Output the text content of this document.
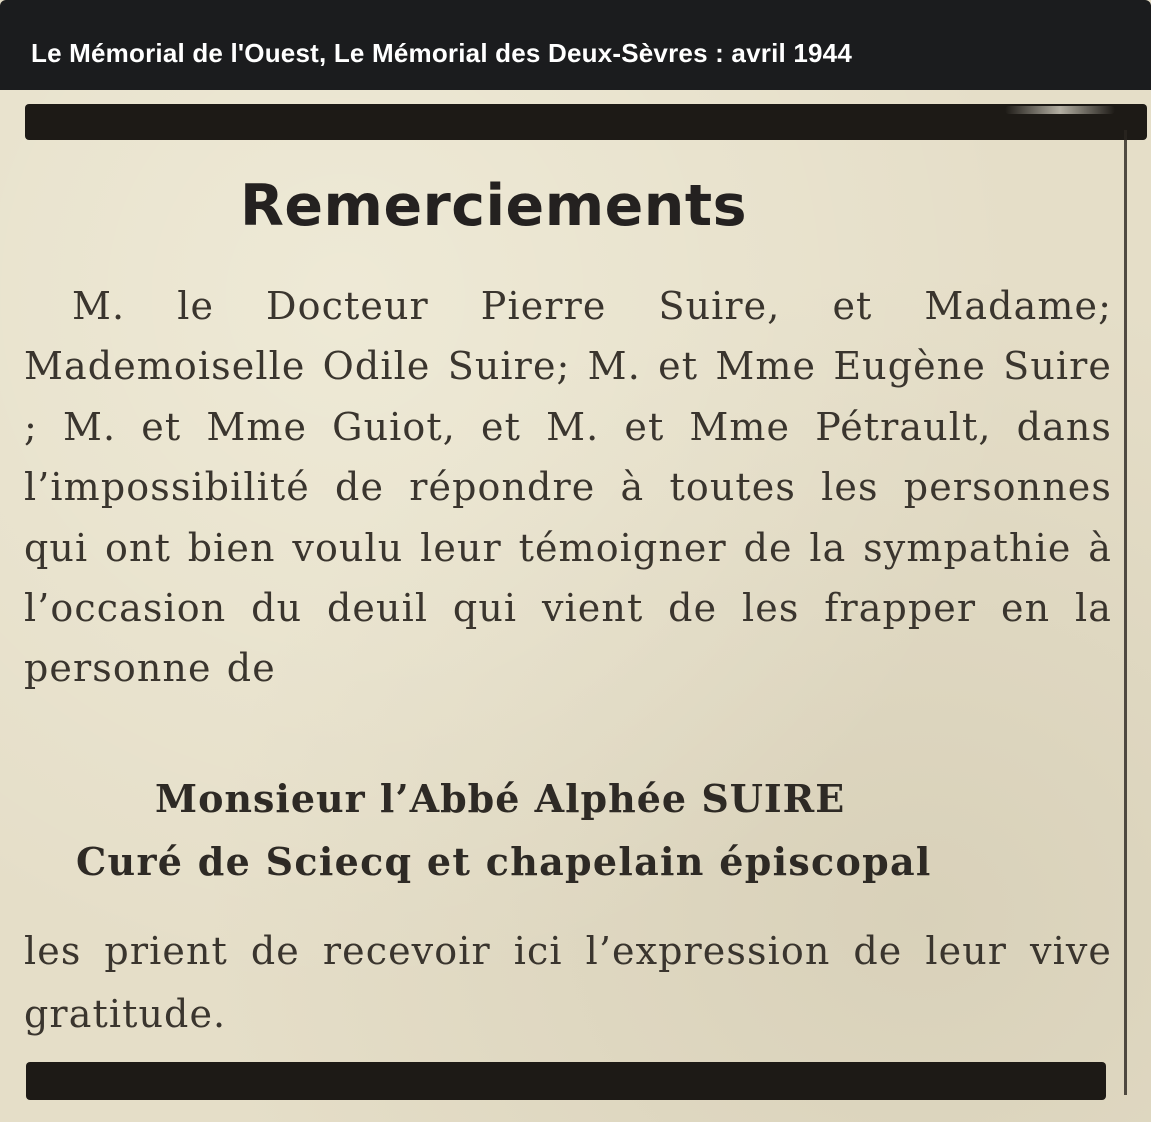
Le Mémorial de l'Ouest, Le Mémorial des Deux-Sèvres : avril 1944
Remerciements
M. le Docteur Pierre Suire, et Madame; Mademoiselle Odile Suire; M. et Mme Eugène Suire ; M. et Mme Guiot, et M. et Mme Pétrault, dans l’impossibilité de répondre à toutes les personnes qui ont bien voulu leur témoigner de la sympathie à l’occasion du deuil qui vient de les frapper en la personne de
Monsieur l’Abbé Alphée SUIRE
Curé de Sciecq et chapelain épiscopal
les prient de recevoir ici l’expression de leur vive gratitude.
